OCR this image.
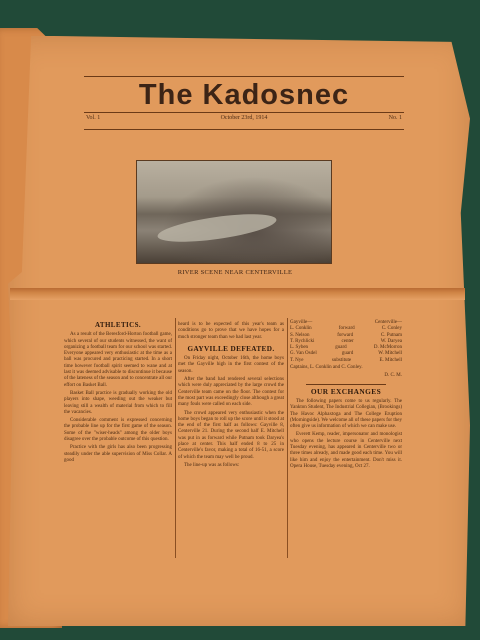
The Kadosnec
Vol. 1	October 23rd, 1914	No. 1
RIVER SCENE NEAR CENTERVILLE
ATHLETICS.

As a result of the Beresford-Horton football game, which several of our students witnessed, the want of organizing a football team for our school was started. Everyone appeared very enthusiastic at the time as a ball was procured and practicing started. In a short time however football spirit seemed to wane and at last it was deemed advisable to discontinue it because of the lateness of the season and to concentrate all our effort on Basket Ball.

Basket Ball practice is gradually working the old players into shape, weeding out the weaker but leaving still a wealth of material from which to fill the vacancies.

Considerable comment is expressed concerning the probable line up for the first game of the season. Some of the "wiser-heads" among the older boys disagree over the probable outcome of this question.

Practice with the girls has also been progressing steadily under the able supervision of Miss Collar. A good

heard is to be expected of this year's team as conditions go to prove that we have hopes for a much stronger team than we had last year.

GAYVILLE DEFEATED.

On Friday night, October 16th, the home boys met the Gayville high in the first contest of the season.

After the band had rendered several selections which were duly appreciated by the large crowd the Centerville team came on the floor. The contest for the most part was exceedingly close although a great many fouls were called on each side.

The crowd appeared very enthusiastic when the home boys began to roll up the score until it stood at the end of the first half as follows: Gayville 8, Centerville 21. During the second half E. Mitchell was put in as forward while Putnam took Daryea's place at center. This half ended 8 to 25 in Centerville's favor, making a total of 16-51, a score of which the team may well be proud.

The line-up was as follows:

Gayville—	Centerville—
L. Conklin	forward	C. Conley
S. Nelson	forward	C. Putnam
T. Rychlicki	center	W. Daryea
L. Syben	guard	D. McMorron
G. Van Osdel	guard	W. Mitchell
T. Nye	substitute	E. Mitchell

Captains, L. Conklin and C. Conley.

D. C. M.
OUR EXCHANGES

The following papers come to us regularly. The Yankton Student, The Industrial Collegian, (Brookings) The Havoc Alphaxtoga and The College Eruption (Morningside). We welcome all of these papers for they often give us information of which we can make use.

Everett Kemp, reader, impersonator and monologist who opens the lecture course in Centerville next Tuesday evening, has appeared in Centerville two or three times already, and made good each time. You will like him and enjoy the entertainment. Don't miss it. Opera House, Tuesday evening, Oct 27.
